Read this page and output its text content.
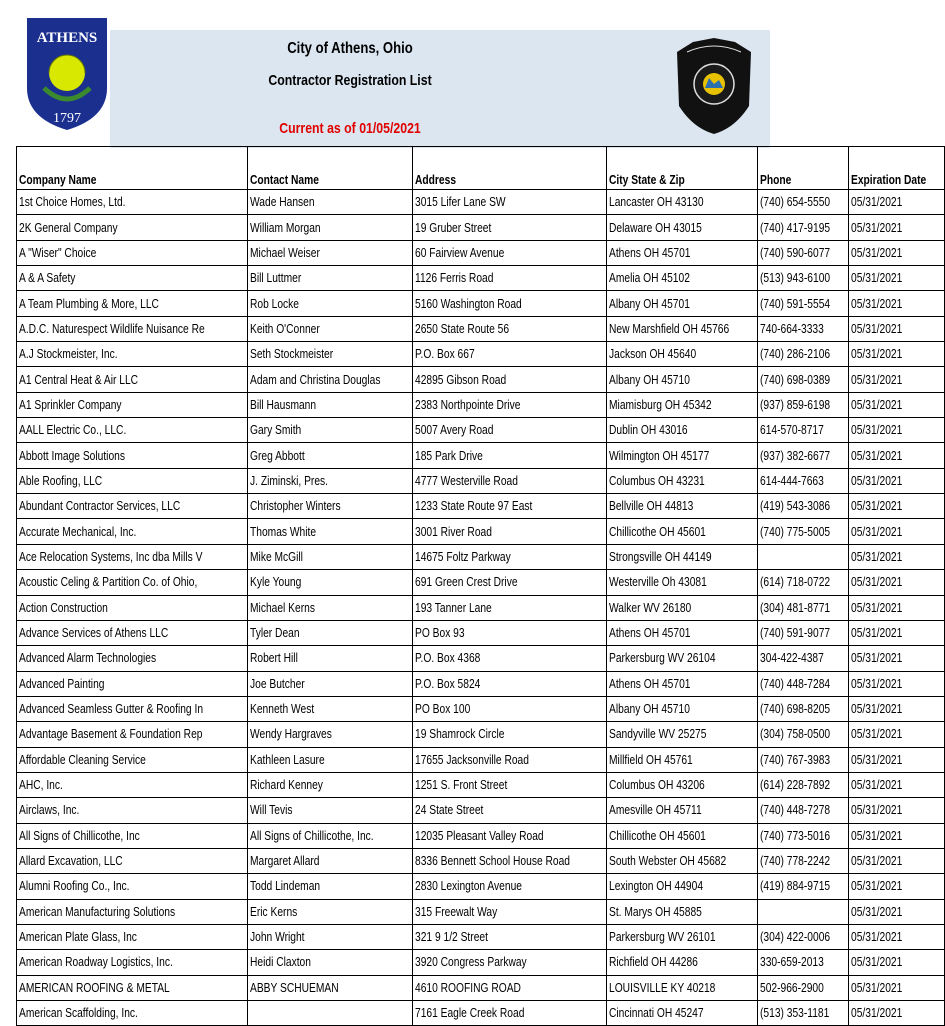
ATHENS
1797
City of Athens, Ohio
Contractor Registration List
Current as of 01/05/2021
Company Name	Contact Name	Address	City State & Zip	Phone	Expiration Date
1st Choice Homes, Ltd.	Wade Hansen	3015 Lifer Lane SW	Lancaster OH 43130	(740) 654-5550	05/31/2021
2K General Company	William Morgan	19 Gruber Street	Delaware OH 43015	(740) 417-9195	05/31/2021
A "Wiser" Choice	Michael Weiser	60 Fairview Avenue	Athens OH 45701	(740) 590-6077	05/31/2021
A & A Safety	Bill Luttmer	1126 Ferris Road	Amelia OH 45102	(513) 943-6100	05/31/2021
A Team Plumbing & More, LLC	Rob Locke	5160 Washington Road	Albany OH 45701	(740) 591-5554	05/31/2021
A.D.C. Naturespect Wildlife Nuisance Re	Keith O'Conner	2650 State Route 56	New Marshfield OH 45766	740-664-3333	05/31/2021
A.J Stockmeister, Inc.	Seth Stockmeister	P.O. Box 667	Jackson OH 45640	(740) 286-2106	05/31/2021
A1 Central Heat & Air LLC	Adam and Christina Douglas	42895 Gibson Road	Albany OH 45710	(740) 698-0389	05/31/2021
A1 Sprinkler Company	Bill Hausmann	2383 Northpointe Drive	Miamisburg OH 45342	(937) 859-6198	05/31/2021
AALL Electric Co., LLC.	Gary Smith	5007 Avery Road	Dublin OH 43016	614-570-8717	05/31/2021
Abbott Image Solutions	Greg Abbott	185 Park Drive	Wilmington OH 45177	(937) 382-6677	05/31/2021
Able Roofing, LLC	J. Ziminski, Pres.	4777 Westerville Road	Columbus OH 43231	614-444-7663	05/31/2021
Abundant Contractor Services, LLC	Christopher Winters	1233 State Route 97 East	Bellville OH 44813	(419) 543-3086	05/31/2021
Accurate Mechanical, Inc.	Thomas White	3001 River Road	Chillicothe OH 45601	(740) 775-5005	05/31/2021
Ace Relocation Systems, Inc dba Mills V	Mike McGill	14675 Foltz Parkway	Strongsville OH 44149		05/31/2021
Acoustic Celing & Partition Co. of Ohio,	Kyle Young	691 Green Crest Drive	Westerville Oh 43081	(614) 718-0722	05/31/2021
Action Construction	Michael Kerns	193 Tanner Lane	Walker WV 26180	(304) 481-8771	05/31/2021
Advance Services of Athens LLC	Tyler Dean	PO Box 93	Athens OH 45701	(740) 591-9077	05/31/2021
Advanced Alarm Technologies	Robert Hill	P.O. Box 4368	Parkersburg WV 26104	304-422-4387	05/31/2021
Advanced Painting	Joe Butcher	P.O. Box 5824	Athens OH 45701	(740) 448-7284	05/31/2021
Advanced Seamless Gutter & Roofing In	Kenneth West	PO Box 100	Albany OH 45710	(740) 698-8205	05/31/2021
Advantage Basement & Foundation Rep	Wendy Hargraves	19 Shamrock Circle	Sandyville WV 25275	(304) 758-0500	05/31/2021
Affordable Cleaning Service	Kathleen Lasure	17655 Jacksonville Road	Millfield OH 45761	(740) 767-3983	05/31/2021
AHC, Inc.	Richard Kenney	1251 S. Front Street	Columbus OH 43206	(614) 228-7892	05/31/2021
Airclaws, Inc.	Will Tevis	24 State Street	Amesville OH 45711	(740) 448-7278	05/31/2021
All Signs of Chillicothe, Inc	All Signs of Chillicothe, Inc.	12035 Pleasant Valley Road	Chillicothe OH 45601	(740) 773-5016	05/31/2021
Allard Excavation, LLC	Margaret Allard	8336 Bennett School House Road	South Webster OH 45682	(740) 778-2242	05/31/2021
Alumni Roofing Co., Inc.	Todd Lindeman	2830 Lexington Avenue	Lexington OH 44904	(419) 884-9715	05/31/2021
American Manufacturing Solutions	Eric Kerns	315 Freewalt Way	St. Marys OH 45885		05/31/2021
American Plate Glass, Inc	John Wright	321 9 1/2 Street	Parkersburg WV 26101	(304) 422-0006	05/31/2021
American Roadway Logistics, Inc.	Heidi Claxton	3920 Congress Parkway	Richfield OH 44286	330-659-2013	05/31/2021
AMERICAN ROOFING & METAL	ABBY SCHUEMAN	4610 ROOFING ROAD	LOUISVILLE KY 40218	502-966-2900	05/31/2021
American Scaffolding, Inc.		7161 Eagle Creek Road	Cincinnati OH 45247	(513) 353-1181	05/31/2021
